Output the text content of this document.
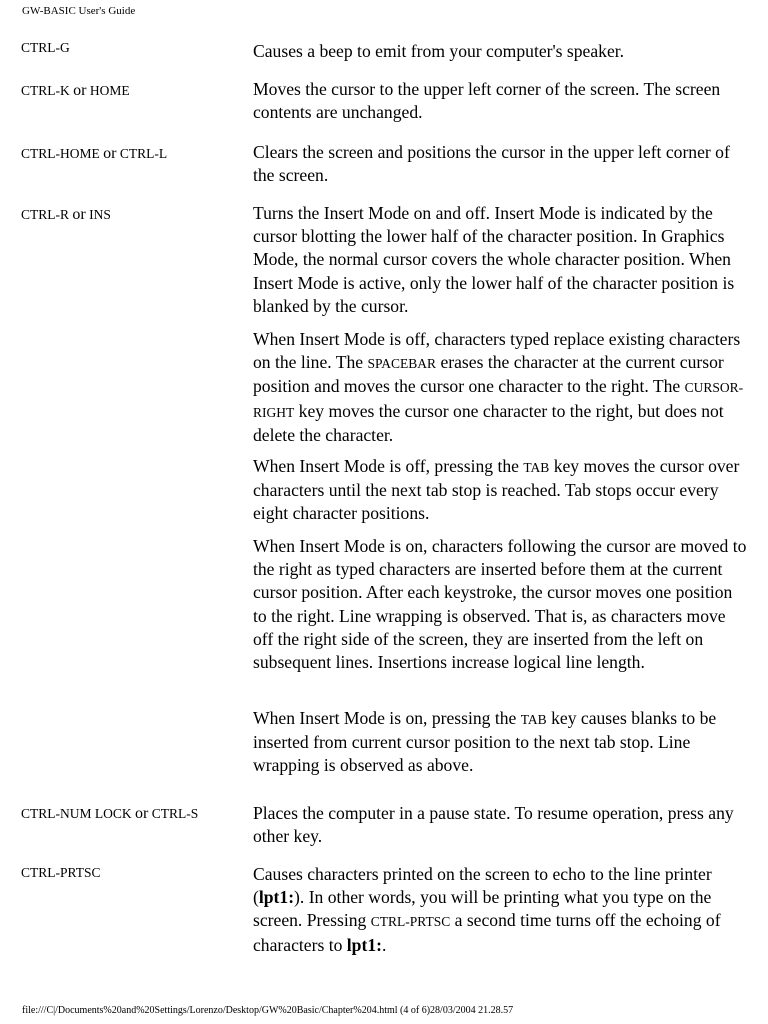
GW-BASIC User's Guide
CTRL-G	Causes a beep to emit from your computer's speaker.

CTRL-K or HOME	Moves the cursor to the upper left corner of the screen. The screen contents are unchanged.

CTRL-HOME or CTRL-L	Clears the screen and positions the cursor in the upper left corner of the screen.

CTRL-R or INS	Turns the Insert Mode on and off. Insert Mode is indicated by the cursor blotting the lower half of the character position. In Graphics Mode, the normal cursor covers the whole character position. When Insert Mode is active, only the lower half of the character position is blanked by the cursor.

When Insert Mode is off, characters typed replace existing characters on the line. The SPACEBAR erases the character at the current cursor position and moves the cursor one character to the right. The CURSOR-RIGHT key moves the cursor one character to the right, but does not delete the character.

When Insert Mode is off, pressing the TAB key moves the cursor over characters until the next tab stop is reached. Tab stops occur every eight character positions.

When Insert Mode is on, characters following the cursor are moved to the right as typed characters are inserted before them at the current cursor position. After each keystroke, the cursor moves one position to the right. Line wrapping is observed. That is, as characters move off the right side of the screen, they are inserted from the left on subsequent lines. Insertions increase logical line length.

When Insert Mode is on, pressing the TAB key causes blanks to be inserted from current cursor position to the next tab stop. Line wrapping is observed as above.

CTRL-NUM LOCK or CTRL-S	Places the computer in a pause state. To resume operation, press any other key.

CTRL-PRTSC	Causes characters printed on the screen to echo to the line printer (lpt1:). In other words, you will be printing what you type on the screen. Pressing CTRL-PRTSC a second time turns off the echoing of characters to lpt1:.

file:///C|/Documents%20and%20Settings/Lorenzo/Desktop/GW%20Basic/Chapter%204.html (4 of 6)28/03/2004 21.28.57
